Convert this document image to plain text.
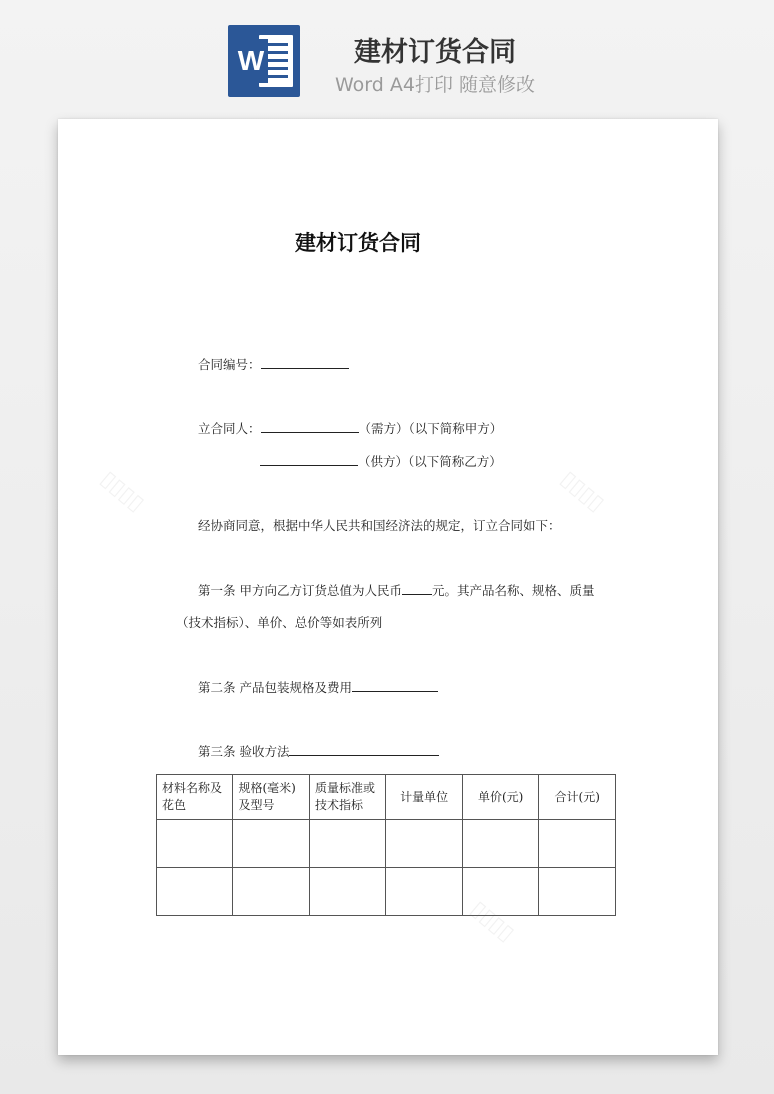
W	建材订货合同
Word A4打印 随意修改
▯▯▯▯	▯▯▯▯
▯▯▯▯
建材订货合同
合同编号：
立合同人：	（需方）（以下简称甲方）
（供方）（以下简称乙方）
经协商同意，根据中华人民共和国经济法的规定，订立合同如下：
第一条 甲方向乙方订货总值为人民币 元。其产品名称、规格、质量
（技术指标）、单价、总价等如表所列
第二条 产品包装规格及费用
第三条 验收方法
材料名称及花色	规格(毫米)及型号	质量标准或技术指标	计量单位	单价(元)	合计(元)
